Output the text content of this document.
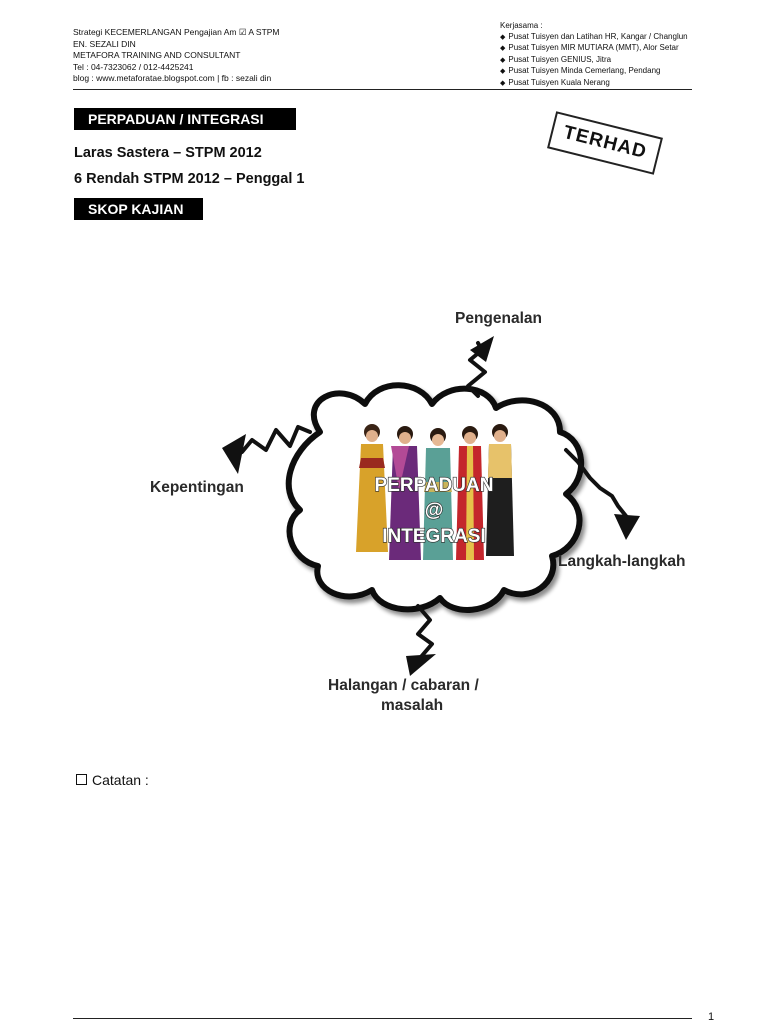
Strategi KECEMERLANGAN Pengajian Am ☑ A STPM
EN. SEZALI DIN
METAFORA TRAINING AND CONSULTANT
Tel : 04-7323062 / 012-4425241
blog : www.metaforatae.blogspot.com | fb : sezali din
Kerjasama :
◆ Pusat Tuisyen dan Latihan HR, Kangar / Changlun
◆ Pusat Tuisyen MIR MUTIARA (MMT), Alor Setar
◆ Pusat Tuisyen GENIUS, Jitra
◆ Pusat Tuisyen Minda Cemerlang, Pendang
◆ Pusat Tuisyen Kuala Nerang
PERPADUAN / INTEGRASI
TERHAD
Laras Sastera – STPM 2012
6 Rendah STPM 2012 – Penggal 1
SKOP KAJIAN
PERPADUAN
@
INTEGRASI
Pengenalan
Kepentingan
Langkah-langkah
Halangan / cabaran /
masalah
Catatan :
1
